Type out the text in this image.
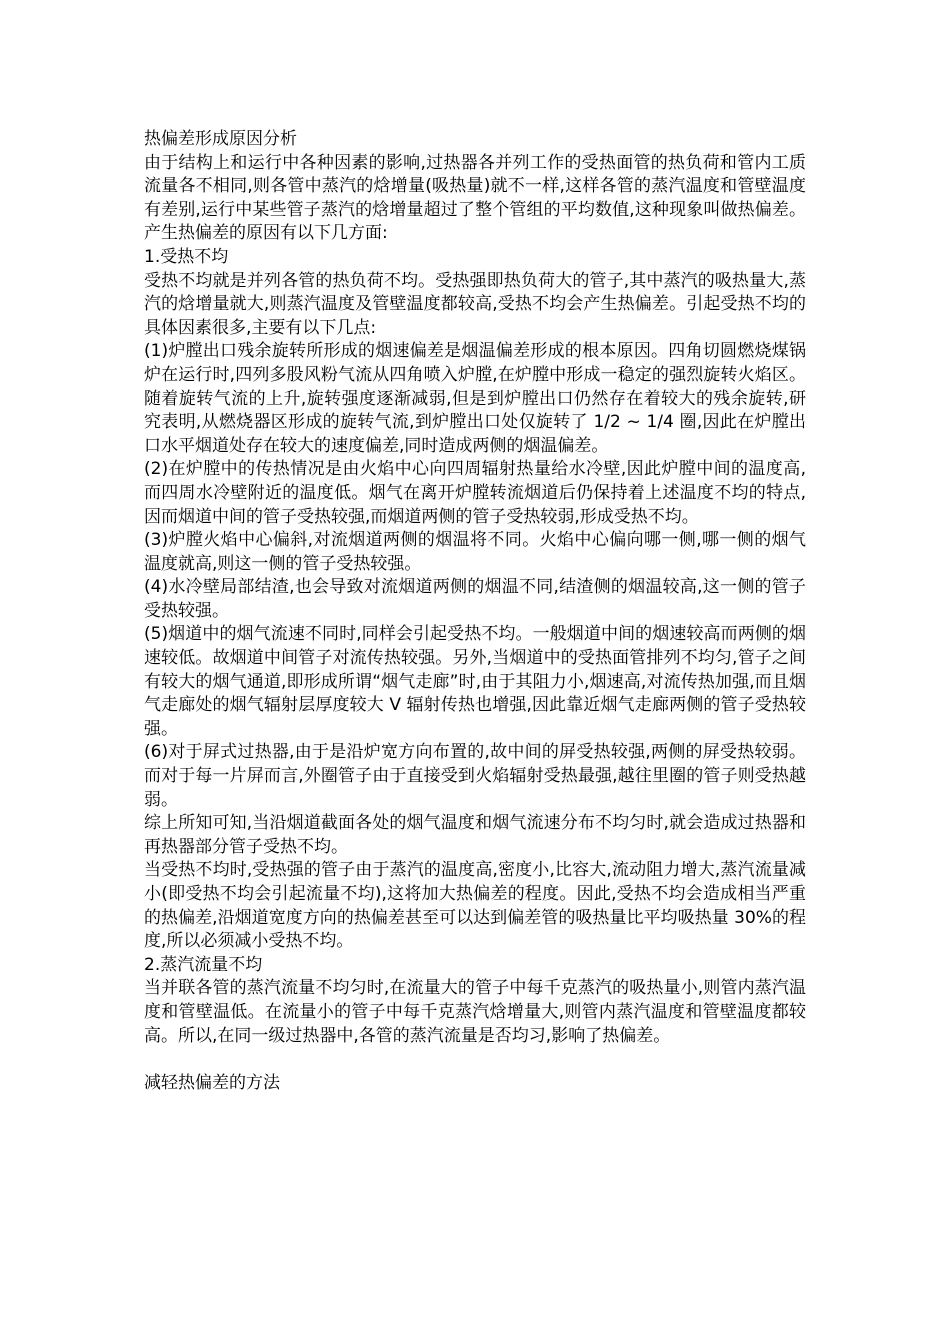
热偏差形成原因分析

由于结构上和运行中各种因素的影响,过热器各并列工作的受热面管的热负荷和管内工质流量各不相同,则各管中蒸汽的焓增量(吸热量)就不一样,这样各管的蒸汽温度和管壁温度有差别,运行中某些管子蒸汽的焓增量超过了整个管组的平均数值,这种现象叫做热偏差。产生热偏差的原因有以下几方面:

1.受热不均

受热不均就是并列各管的热负荷不均。受热强即热负荷大的管子,其中蒸汽的吸热量大,蒸汽的焓增量就大,则蒸汽温度及管壁温度都较高,受热不均会产生热偏差。引起受热不均的具体因素很多,主要有以下几点:

(1)炉膛出口残余旋转所形成的烟速偏差是烟温偏差形成的根本原因。四角切圆燃烧煤锅炉在运行时,四列多股风粉气流从四角喷入炉膛,在炉膛中形成一稳定的强烈旋转火焰区。随着旋转气流的上升,旋转强度逐渐减弱,但是到炉膛出口仍然存在着较大的残余旋转,研究表明,从燃烧器区形成的旋转气流,到炉膛出口处仅旋转了 1/2 ~ 1/4 圈,因此在炉膛出口水平烟道处存在较大的速度偏差,同时造成两侧的烟温偏差。

(2)在炉膛中的传热情况是由火焰中心向四周辐射热量给水冷壁,因此炉膛中间的温度高,而四周水冷壁附近的温度低。烟气在离开炉膛转流烟道后仍保持着上述温度不均的特点,因而烟道中间的管子受热较强,而烟道两侧的管子受热较弱,形成受热不均。

(3)炉膛火焰中心偏斜,对流烟道两侧的烟温将不同。火焰中心偏向哪一侧,哪一侧的烟气温度就高,则这一侧的管子受热较强。

(4)水冷壁局部结渣,也会导致对流烟道两侧的烟温不同,结渣侧的烟温较高,这一侧的管子受热较强。

(5)烟道中的烟气流速不同时,同样会引起受热不均。一般烟道中间的烟速较高而两侧的烟速较低。故烟道中间管子对流传热较强。另外,当烟道中的受热面管排列不均匀,管子之间有较大的烟气通道,即形成所谓“烟气走廊”时,由于其阻力小,烟速高,对流传热加强,而且烟气走廊处的烟气辐射层厚度较大 V 辐射传热也增强,因此靠近烟气走廊两侧的管子受热较强。

(6)对于屏式过热器,由于是沿炉宽方向布置的,故中间的屏受热较强,两侧的屏受热较弱。而对于每一片屏而言,外圈管子由于直接受到火焰辐射受热最强,越往里圈的管子则受热越弱。

综上所知可知,当沿烟道截面各处的烟气温度和烟气流速分布不均匀时,就会造成过热器和再热器部分管子受热不均。

当受热不均时,受热强的管子由于蒸汽的温度高,密度小,比容大,流动阻力增大,蒸汽流量减小(即受热不均会引起流量不均),这将加大热偏差的程度。因此,受热不均会造成相当严重的热偏差,沿烟道宽度方向的热偏差甚至可以达到偏差管的吸热量比平均吸热量 30%的程度,所以必须减小受热不均。

2.蒸汽流量不均

当并联各管的蒸汽流量不均匀时,在流量大的管子中每千克蒸汽的吸热量小,则管内蒸汽温度和管壁温低。在流量小的管子中每千克蒸汽焓增量大,则管内蒸汽温度和管壁温度都较高。所以,在同一级过热器中,各管的蒸汽流量是否均习,影响了热偏差。

减轻热偏差的方法
